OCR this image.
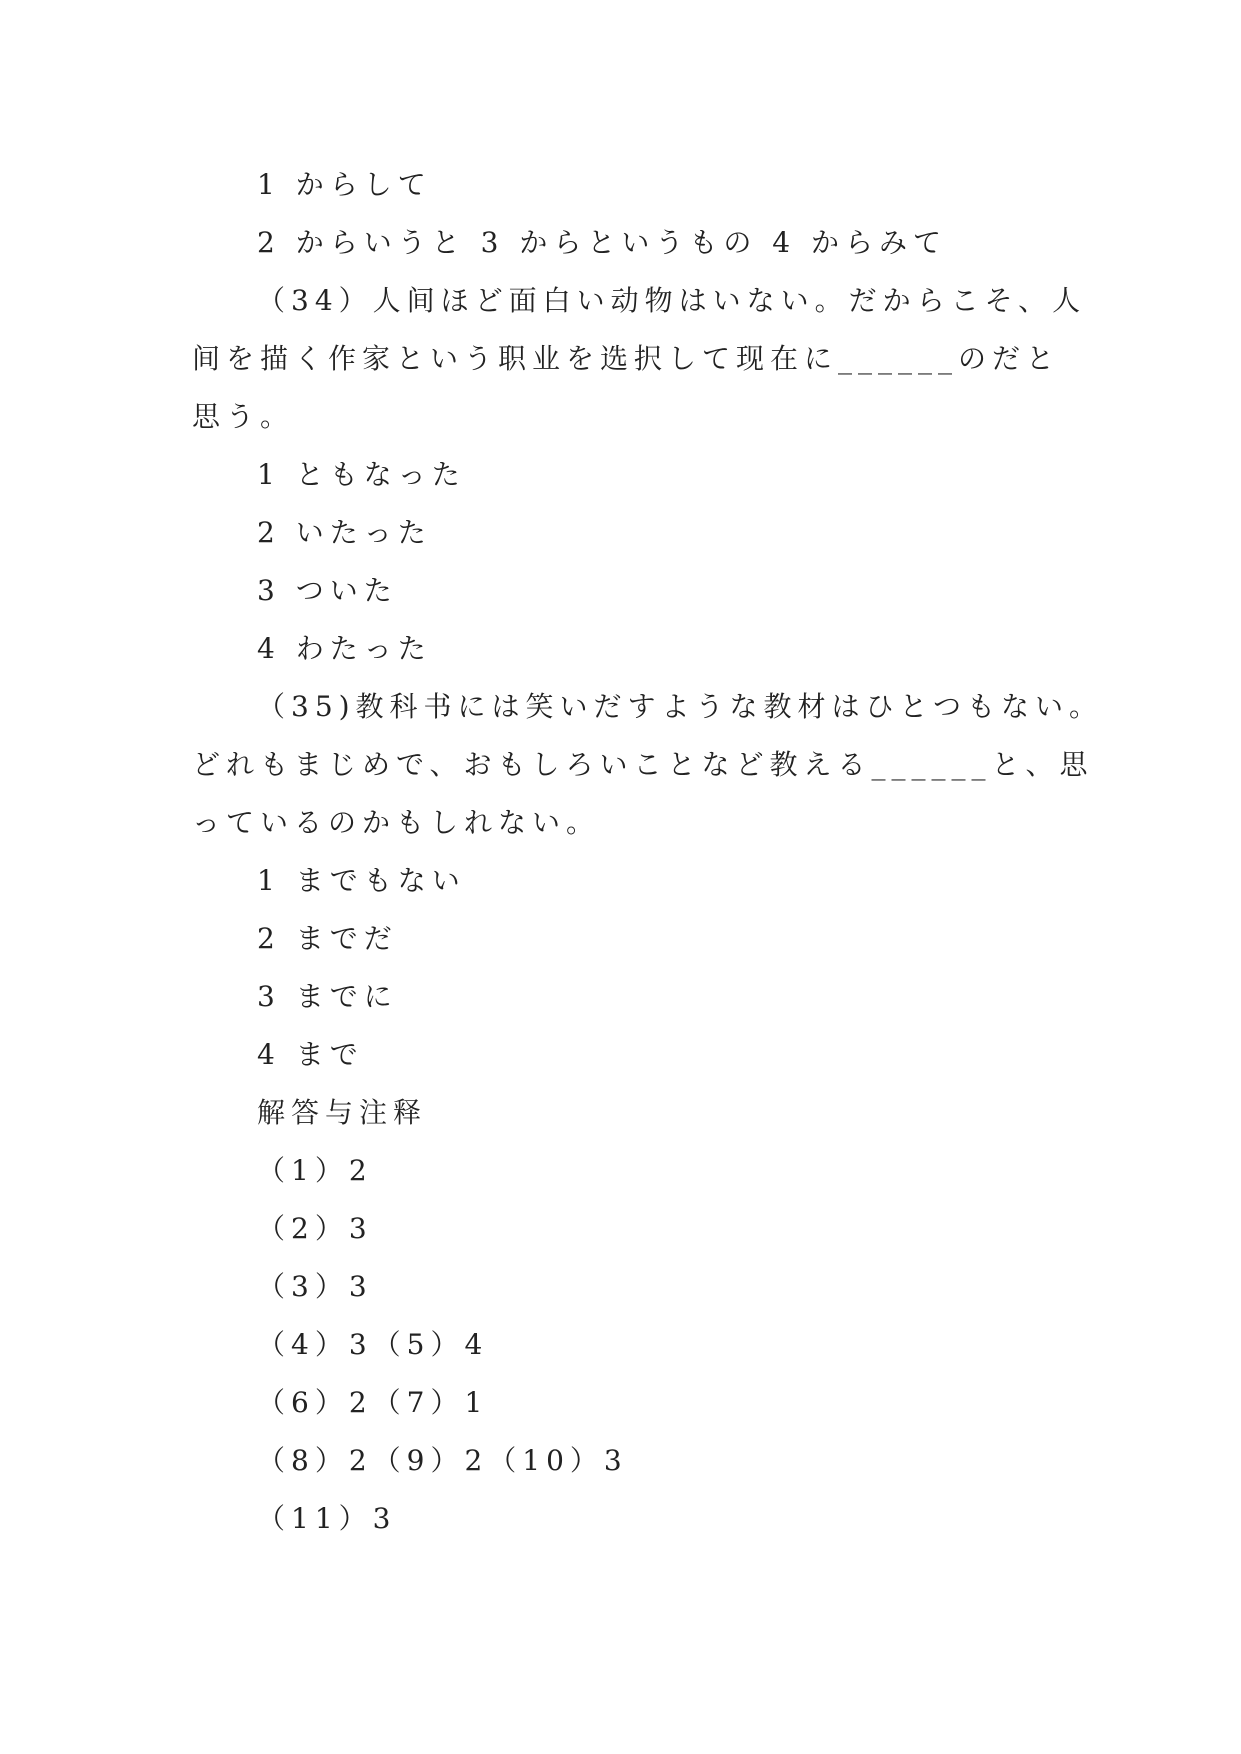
1 からして
2 からいうと 3 からというもの 4 からみて
（34）人间ほど面白い动物はいない。だからこそ、人
间を描く作家という职业を选択して现在に______のだと
思う。
1 ともなった
2 いたった
3 ついた
4 わたった
（35)教科书には笑いだすような教材はひとつもない。
どれもまじめで、おもしろいことなど教える______と、思
っているのかもしれない。
1 までもない
2 までだ
3 までに
4 まで
解答与注释
（1）2
（2）3
（3）3
（4）3（5）4
（6）2（7）1
（8）2（9）2（10）3
（11）3
